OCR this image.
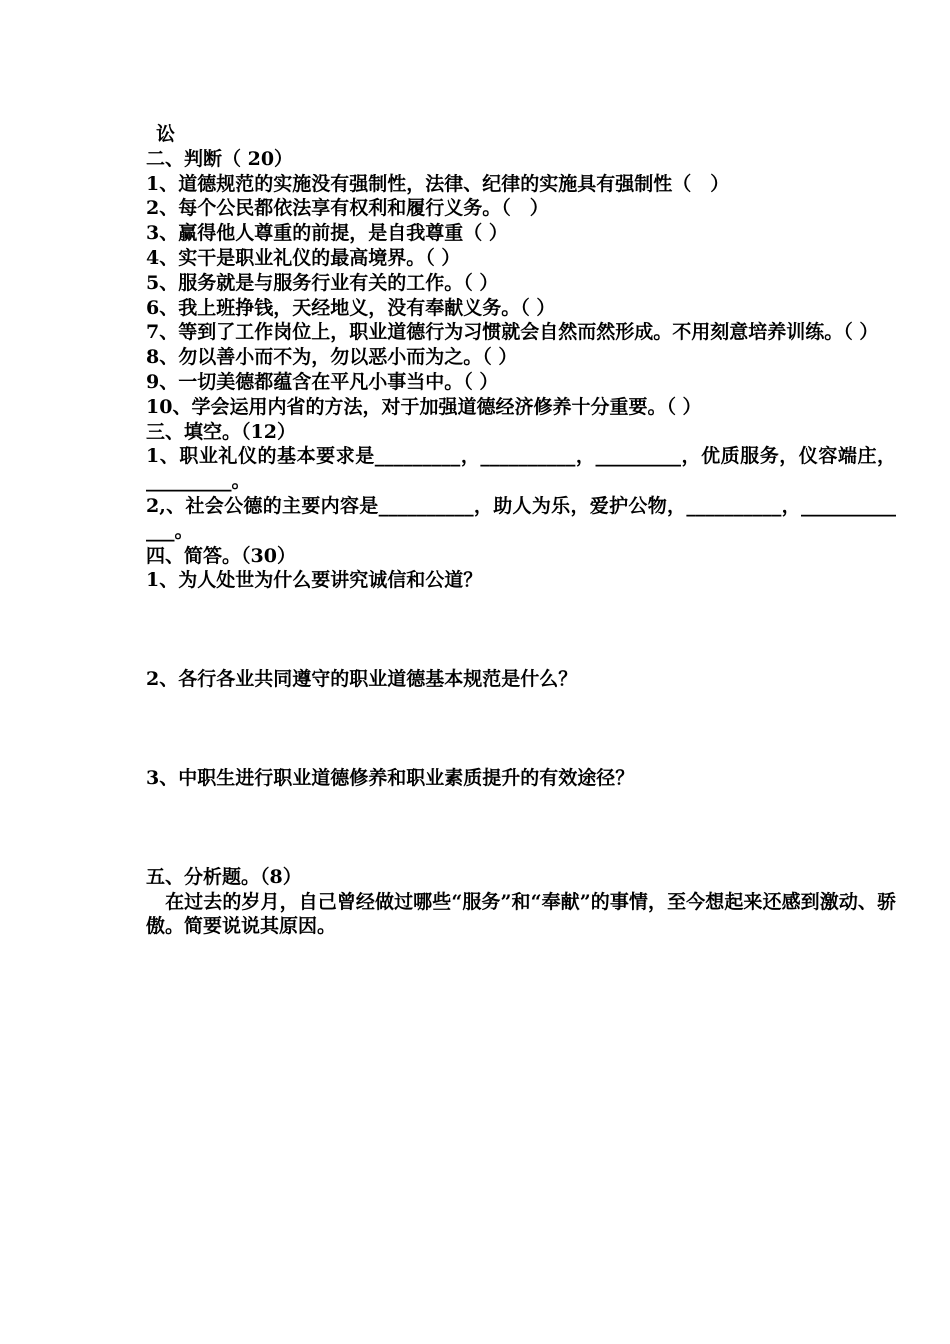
讼
二、判断（ 20）
1、道德规范的实施没有强制性，法律、纪律的实施具有强制性（　）
2、每个公民都依法享有权利和履行义务。（　）
3、赢得他人尊重的前提，是自我尊重（ ）
4、实干是职业礼仪的最高境界。（ ）
5、服务就是与服务行业有关的工作。（ ）
6、我上班挣钱，天经地义，没有奉献义务。（ ）
7、等到了工作岗位上，职业道德行为习惯就会自然而然形成。不用刻意培养训练。（ ）
8、勿以善小而不为，勿以恶小而为之。（ ）
9、一切美德都蕴含在平凡小事当中。（ ）
10、学会运用内省的方法，对于加强道德经济修养十分重要。（ ）
三、填空。（12）
1、职业礼仪的基本要求是_________，__________，_________，优质服务，仪容端庄，_________。
2,、社会公德的主要内容是__________，助人为乐，爱护公物，__________，_____________。
四、简答。（30）
1、为人处世为什么要讲究诚信和公道？
2、各行各业共同遵守的职业道德基本规范是什么？
3、中职生进行职业道德修养和职业素质提升的有效途径？
五、分析题。（8）
　在过去的岁月，自己曾经做过哪些“服务”和“奉献”的事情，至今想起来还感到激动、骄傲。简要说说其原因。
